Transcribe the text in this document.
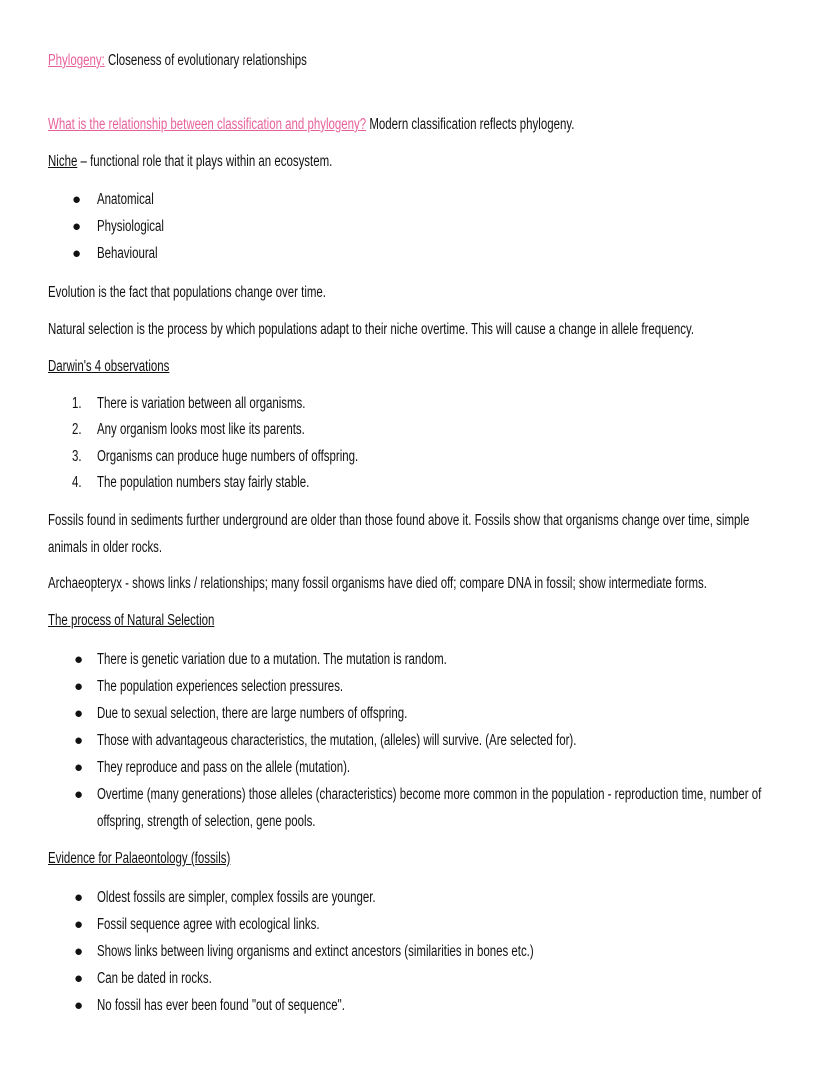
Phylogeny: Closeness of evolutionary relationships
What is the relationship between classification and phylogeny? Modern classification reflects phylogeny.
Niche – functional role that it plays within an ecosystem.
● Anatomical
● Physiological
● Behavioural
Evolution is the fact that populations change over time.
Natural selection is the process by which populations adapt to their niche overtime. This will cause a change in allele frequency.
Darwin's 4 observations
1. There is variation between all organisms.
2. Any organism looks most like its parents.
3. Organisms can produce huge numbers of offspring.
4. The population numbers stay fairly stable.
Fossils found in sediments further underground are older than those found above it. Fossils show that organisms change over time, simple animals in older rocks.
Archaeopteryx - shows links / relationships; many fossil organisms have died off; compare DNA in fossil; show intermediate forms.
The process of Natural Selection
● There is genetic variation due to a mutation. The mutation is random.
● The population experiences selection pressures.
● Due to sexual selection, there are large numbers of offspring.
● Those with advantageous characteristics, the mutation, (alleles) will survive. (Are selected for).
● They reproduce and pass on the allele (mutation).
● Overtime (many generations) those alleles (characteristics) become more common in the population - reproduction time, number of offspring, strength of selection, gene pools.
Evidence for Palaeontology (fossils)
● Oldest fossils are simpler, complex fossils are younger.
● Fossil sequence agree with ecological links.
● Shows links between living organisms and extinct ancestors (similarities in bones etc.)
● Can be dated in rocks.
● No fossil has ever been found "out of sequence".
